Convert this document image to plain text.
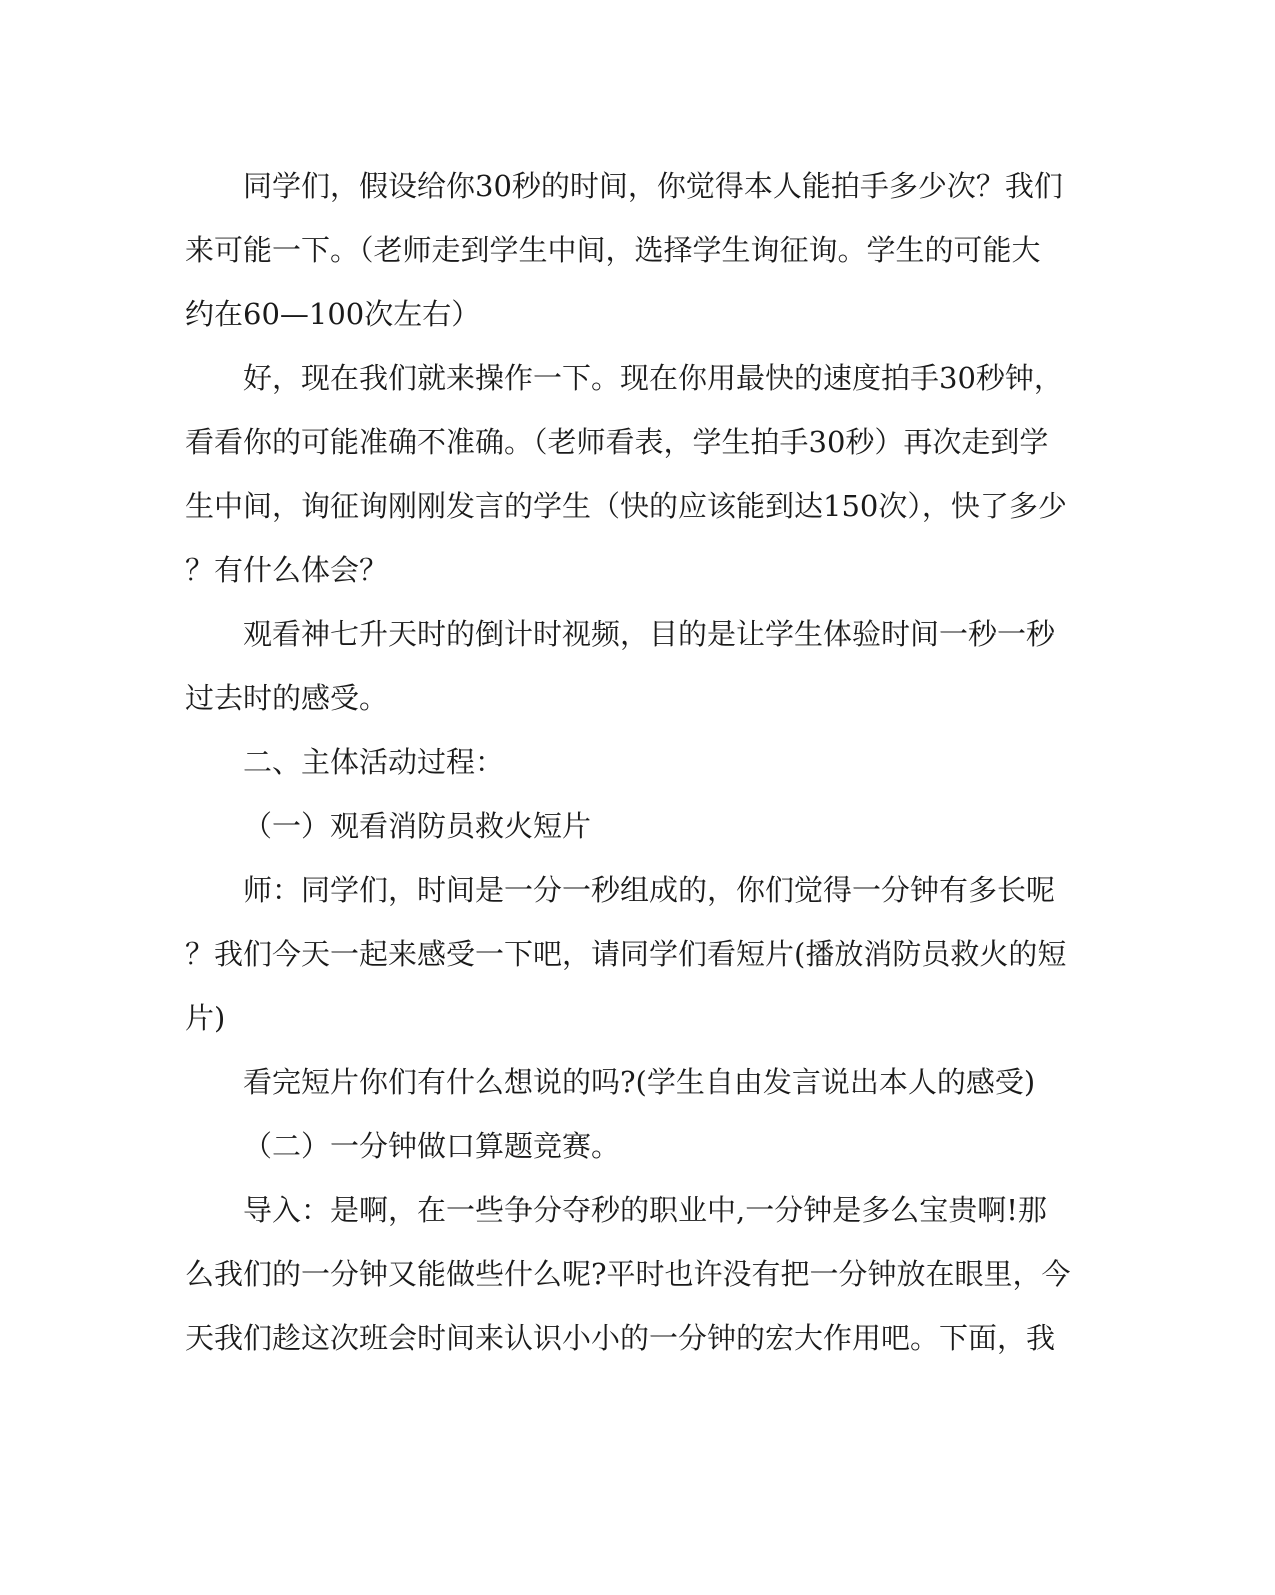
同学们，假设给你30秒的时间，你觉得本人能拍手多少次？我们
来可能一下。（老师走到学生中间，选择学生询征询。学生的可能大
约在60—100次左右）
好，现在我们就来操作一下。现在你用最快的速度拍手30秒钟，
看看你的可能准确不准确。（老师看表，学生拍手30秒）再次走到学
生中间，询征询刚刚发言的学生（快的应该能到达150次），快了多少
？有什么体会？
观看神七升天时的倒计时视频，目的是让学生体验时间一秒一秒
过去时的感受。
二、主体活动过程：
（一）观看消防员救火短片
师：同学们，时间是一分一秒组成的，你们觉得一分钟有多长呢
？我们今天一起来感受一下吧，请同学们看短片(播放消防员救火的短
片)
看完短片你们有什么想说的吗?(学生自由发言说出本人的感受)
（二）一分钟做口算题竞赛。
导入：是啊，在一些争分夺秒的职业中,一分钟是多么宝贵啊!那
么我们的一分钟又能做些什么呢?平时也许没有把一分钟放在眼里，今
天我们趁这次班会时间来认识小小的一分钟的宏大作用吧。下面，我
